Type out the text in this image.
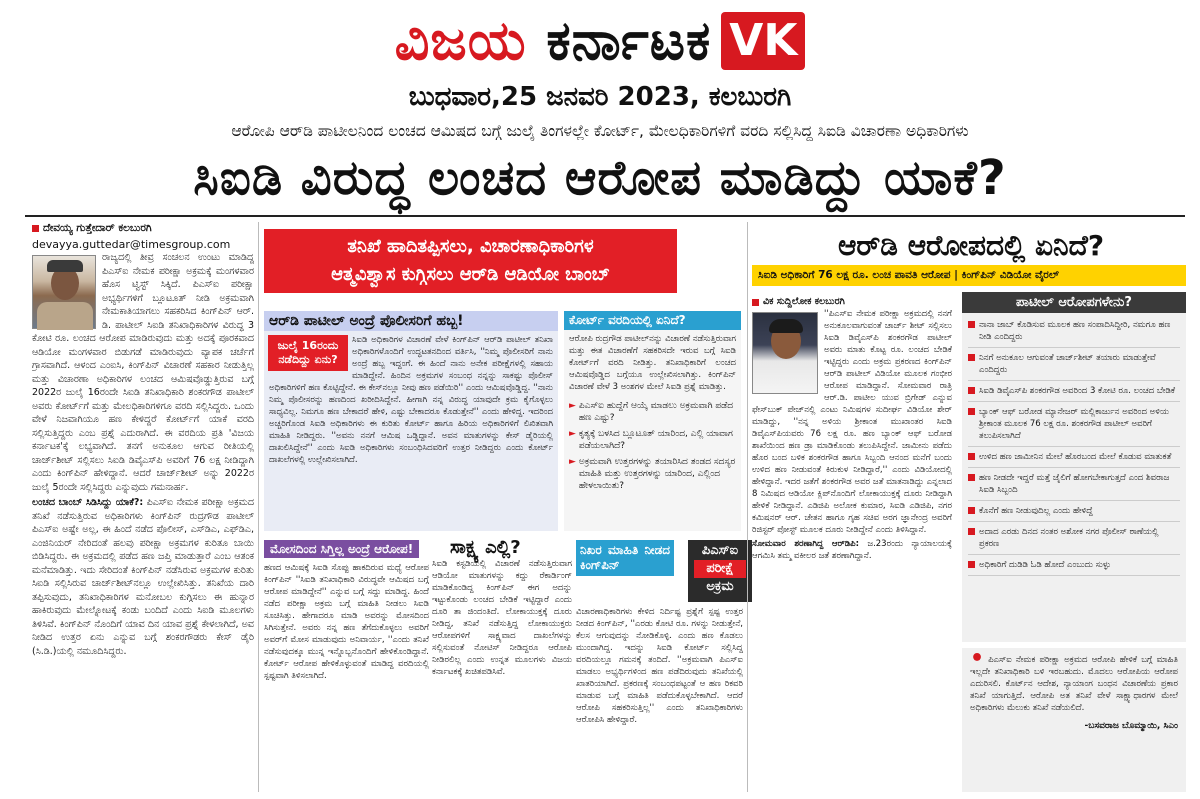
ವಿಜಯ ಕರ್ನಾಟಕ VK
ಬುಧವಾರ,25 ಜನವರಿ 2023, ಕಲಬುರಗಿ
ಆರೋಪಿ ಆರ್‌ಡಿ ಪಾಟೀಲನಿಂದ ಲಂಚದ ಆಮಿಷದ ಬಗ್ಗೆ ಜುಲೈ ತಿಂಗಳಲ್ಲೇ ಕೋರ್ಟ್, ಮೇಲಧಿಕಾರಿಗಳಿಗೆ ವರದಿ ಸಲ್ಲಿಸಿದ್ದ ಸಿಐಡಿ ವಿಚಾರಣಾ ಅಧಿಕಾರಿಗಳು
ಸಿಐಡಿ ವಿರುದ್ಧ ಲಂಚದ ಆರೋಪ ಮಾಡಿದ್ದು ಯಾಕೆ?
ದೇವಯ್ಯ ಗುತ್ತೇದಾರ್ ಕಲಬುರಗಿ
devayya.guttedar@timesgroup.com

ರಾಜ್ಯದಲ್ಲಿ ತೀವ್ರ ಸಂಚಲನ ಉಂಟು ಮಾಡಿದ್ದ ಪಿಎಸ್‌ಐ ನೇಮಕ ಪರೀಕ್ಷಾ ಅಕ್ರಮಕ್ಕೆ ಮಂಗಳವಾರ ಹೊಸ ಟ್ವಿಸ್ಟ್ ಸಿಕ್ಕಿದೆ. ಪಿಎಸ್‌ಐ ಪರೀಕ್ಷಾ ಅಭ್ಯರ್ಥಿಗಳಿಗೆ ಬ್ಲೂಟೂತ್ ನೀಡಿ ಅಕ್ರಮವಾಗಿ ನೇಮಕಾತಿಯಾಗಲು ಸಹಕರಿಸಿದ ಕಿಂಗ್‌ಪಿನ್ ಆರ್. ಡಿ. ಪಾಟೀಲ್ ಸಿಐಡಿ ತನಿಖಾಧಿಕಾರಿಗಳ ವಿರುದ್ಧ 3 ಕೋಟಿ ರೂ. ಲಂಚದ ಆರೋಪ ಮಾಡಿರುವುದು ಮತ್ತು ಅದಕ್ಕೆ ಪೂರಕವಾದ ಆಡಿಯೋ ಮಂಗಳವಾರ ಬಿಡುಗಡೆ ಮಾಡಿರುವುದು ವ್ಯಾಪಕ ಚರ್ಚೆಗೆ ಗ್ರಾಸವಾಗಿದೆ. ಆಳಂದ ಎಂಐಸಿ, ಕಿಂಗ್‌ಪಿನ್ ವಿಚಾರಣೆ ಸಹಕಾರ ನೀಡುತ್ತಿಲ್ಲ ಮತ್ತು ವಿಚಾರಣಾ ಅಧಿಕಾರಿಗಳ ಲಂಚದ ಆಮಿಷವೊಡ್ಡುತ್ತಿರುವ ಬಗ್ಗೆ 2022ರ ಜುಲೈ 16ರಂದೇ ಸಿಐಡಿ ತನಿಖಾಧಿಕಾರಿ ಶಂಕರಗೌಡ ಪಾಟೀಲ್ ಅವರು ಕೋರ್ಟ್‌ಗೆ ಮತ್ತು ಮೇಲಧಿಕಾರಿಗಳಿಗೂ ವರದಿ ಸಲ್ಲಿಸಿದ್ದರು. ಒಂದು ವೇಳೆ ನಿಜವಾಗಿಯೂ ಹಣ ಕೇಳಿದ್ದರೆ ಕೋರ್ಟ್‌ಗೆ ಯಾಕೆ ವರದಿ ಸಲ್ಲಿಸುತ್ತಿದ್ದರು ಎಂಬ ಪ್ರಶ್ನೆ ಎದುರಾಗಿದೆ. ಈ ವರದಿಯ ಪ್ರತಿ 'ವಿಜಯ ಕರ್ನಾಟಕ'ಕ್ಕೆ ಲಭ್ಯವಾಗಿದೆ. ತನಗೆ ಅನುಕೂಲ ಆಗುವ ರೀತಿಯಲ್ಲಿ ಚಾರ್ಜ್‌ಶೀಟ್ ಸಲ್ಲಿಸಲು ಸಿಐಡಿ ಡಿವೈಎಸ್‌ಪಿ ಅವರಿಗೆ 76 ಲಕ್ಷ ನೀಡಿದ್ದಾಗಿ ಎಂದು ಕಿಂಗ್‌ಪಿನ್ ಹೇಳಿದ್ದಾನೆ. ಆದರೆ ಚಾರ್ಜ್‌ಶೀಟ್ ಅನ್ನು 2022ರ ಜುಲೈ 5ರಂದೇ ಸಲ್ಲಿಸಿದ್ದರು ಎನ್ನುವುದು ಗಮನಾರ್ಹ.

ಲಂಚದ ಬಾಂಬ್ ಸಿಡಿಸಿದ್ದು ಯಾಕೆ?: ಪಿಎಸ್‌ಐ ನೇಮಕ ಪರೀಕ್ಷಾ ಅಕ್ರಮದ ತನಿಖೆ ನಡೆಸುತ್ತಿರುವ ಅಧಿಕಾರಿಗಳು ಕಿಂಗ್‌ಪಿನ್ ರುದ್ರಗೌಡ ಪಾಟೀಲ್ ಪಿಎಸ್‌ಐ ಅಷ್ಟೇ ಅಲ್ಲ, ಈ ಹಿಂದೆ ನಡೆದ ಪೊಲೀಸ್, ಎಸ್‌ಡಿಎ, ಎಫ್‌ಡಿಎ, ಎಂಜಿನಿಯರ್ ನೇರಿದಂತೆ ಹಲವು ಪರೀಕ್ಷಾ ಅಕ್ರಮಗಳ ಕುರಿತೂ ಬಾಯಿ ಬಿಡಿಸಿದ್ದರು. ಈ ಅಕ್ರಮದಲ್ಲಿ ಪಡೆದ ಹಣ ಜಪ್ತಿ ಮಾಡುತ್ತಾರೆ ಎಂಬ ಆತಂಕ ಮನೆಮಾಡಿತ್ತು. ಇದು ಸೇರಿದಂತೆ ಕಿಂಗ್‌ಪಿನ್ ನಡೆಸಿರುವ ಅಕ್ರಮಗಳ ಕುರಿತು ಸಿಐಡಿ ಸಲ್ಲಿಸಿರುವ ಚಾರ್ಜ್‌ಶೀಟ್‌ನಲ್ಲೂ ಉಲ್ಲೇಖಿಸಿತ್ತು. ತನಿಖೆಯ ದಾರಿ ತಪ್ಪಿಸುವುದು, ತನಿಖಾಧಿಕಾರಿಗಳ ಮನೋಬಲ ಕುಗ್ಗಿಸಲು ಈ ಹುನ್ನಾರ ಹಾಕಿರುವುದು ಮೇಲ್ನೋಟಕ್ಕೆ ಕಂಡು ಬಂದಿದೆ ಎಂದು ಸಿಐಡಿ ಮೂಲಗಳು ತಿಳಿಸಿವೆ. ಕಿಂಗ್‌ಪಿನ್ ನೊಂದಿಗೆ ಯಾವ ದಿನ ಯಾವ ಪ್ರಶ್ನೆ ಕೇಳಲಾಗಿದೆ, ಅವ ನೀಡಿದ ಉತ್ತರ ಏನು ಎನ್ನುವ ಬಗ್ಗೆ ಶಂಕರಗೌಡರು ಕೇಸ್ ಡೈರಿ (ಸಿ.ಡಿ.)ಯಲ್ಲಿ ನಮೂದಿಸಿದ್ದರು.

ತನಿಖೆ ಹಾದಿತಪ್ಪಿಸಲು, ವಿಚಾರಣಾಧಿಕಾರಿಗಳ
ಆತ್ಮವಿಶ್ವಾಸ ಕುಗ್ಗಿಸಲು ಆರ್‌ಡಿ ಆಡಿಯೋ ಬಾಂಬ್
ಆರ್‌ಡಿ ಪಾಟೀಲ್ ಅಂದ್ರೆ ಪೊಲೀಸರಿಗೆ ಹಬ್ಬ!
ಜುಲೈ 16ರಂದು ನಡೆದಿದ್ದು ಏನು?
ಸಿಐಡಿ ಅಧಿಕಾರಿಗಳ ವಿಚಾರಣೆ ವೇಳೆ ಕಿಂಗ್‌ಪಿನ್ ಆರ್‌ಡಿ ಪಾಟೀಲ್ ತನಿಖಾ ಅಧಿಕಾರಿಗಳೊಂದಿಗೆ ಉದ್ಧಟತನದಿಂದ ವರ್ತಿಸಿ, ''ನಿಮ್ಮ ಪೊಲೀಸರಿಗೆ ನಾನು ಅಂದ್ರೆ ಹಬ್ಬ ಇದ್ದಂಗೆ. ಈ ಹಿಂದೆ ನಾನು ಅನೇಕ ಪರೀಕ್ಷೆಗಳಲ್ಲಿ ಸಹಾಯ ಮಾಡಿದ್ದೇನೆ. ಹಿಂದಿನ ಅಕ್ರಮಗಳ ಸಂಬಂಧ ನನ್ನನ್ನು ಸಾಕಷ್ಟು ಪೊಲೀಸ್ ಅಧಿಕಾರಿಗಳಿಗೆ ಹಣ ಕೊಟ್ಟಿದ್ದೇನೆ. ಈ ಕೇಸ್‌ನಲ್ಲೂ ನೀವು ಹಣ ಪಡೆಯಿರಿ'' ಎಂದು ಆಮಿಷವೊಡ್ಡಿದ್ದ. ''ನಾನು ನಿಮ್ಮ ಪೊಲೀಸರನ್ನು ಹಣದಿಂದ ಖರೀದಿಸಿದ್ದೇನೆ. ಹೀಗಾಗಿ ನನ್ನ ವಿರುದ್ಧ ಯಾವುದೇ ಕ್ರಮ ಕೈಗೊಳ್ಳಲು ಸಾಧ್ಯವಿಲ್ಲ. ನಿಮಗೂ ಹಣ ಬೇಕಾದರೆ ಹೇಳಿ, ಎಷ್ಟು ಬೇಕಾದರೂ ಕೊಡುತ್ತೇನೆ'' ಎಂದು ಹೇಳಿದ್ದ. ಇದರಿಂದ ಅಚ್ಚರಿಗೊಂಡ ಸಿಐಡಿ ಅಧಿಕಾರಿಗಳು ಈ ಕುರಿತು ಕೋರ್ಟ್ ಹಾಗೂ ಹಿರಿಯ ಅಧಿಕಾರಿಗಳಿಗೆ ಲಿಖಿತವಾಗಿ ಮಾಹಿತಿ ನೀಡಿದ್ದರು. ''ಅವನು ನನಗೆ ಆಮಿಷ ಒಡ್ಡಿದ್ದಾನೆ. ಅವನ ಮಾತುಗಳನ್ನು ಕೇಸ್ ಡೈರಿಯಲ್ಲಿ ದಾಖಲಿಸಿದ್ದೇನೆ'' ಎಂದು ಸಿಐಡಿ ಅಧಿಕಾರಿಗಳು ಸಂಬಂಧಿಸಿದವರಿಗೆ ಉತ್ತರ ನೀಡಿದ್ದರು ಎಂದು ಕೋರ್ಟ್ ದಾಖಲೆಗಳಲ್ಲಿ ಉಲ್ಲೇಖಿಸಲಾಗಿದೆ.
ಕೋರ್ಟ್ ವರದಿಯಲ್ಲಿ ಏನಿದೆ?
ಆರೋಪಿ ರುದ್ರಗೌಡ ಪಾಟೀಲ್‌ನನ್ನು ವಿಚಾರಣೆ ನಡೆಸುತ್ತಿರುವಾಗ ಮತ್ತು ಈತ ವಿಚಾರಣೆಗೆ ಸಹಕರಿಸದೇ ಇರುವ ಬಗ್ಗೆ ಸಿಐಡಿ ಕೋರ್ಟ್‌ಗೆ ವರದಿ ನೀಡಿತ್ತು. ತನಿಖಾಧಿಕಾರಿಗೆ ಲಂಚದ ಆಮಿಷವೊಡ್ಡಿದ ಬಗ್ಗೆಯೂ ಉಲ್ಲೇಖಿಸಲಾಗಿತ್ತು. ಕಿಂಗ್‌ಪಿನ್ ವಿಚಾರಣೆ ವೇಳೆ 3 ಅಂಶಗಳ ಮೇಲೆ ಸಿಐಡಿ ಪ್ರಶ್ನೆ ಮಾಡಿತ್ತು.
► ಪಿಎಸ್‌ಐ ಹುದ್ದೆಗೆ ಆಯ್ಕೆ ಮಾಡಲು ಅಕ್ರಮವಾಗಿ ಪಡೆದ ಹಣ ಎಷ್ಟು?
► ಕೃತ್ಯಕ್ಕೆ ಬಳಸಿದ ಬ್ಲೂಟೂತ್ ಯಾರಿಂದ, ಎಲ್ಲಿ ಯಾವಾಗ ಪಡೆಯಲಾಗಿದೆ?
► ಅಕ್ರಮವಾಗಿ ಉತ್ತರಗಳನ್ನು ತಯಾರಿಸಿದ ತಂಡದ ಸದಸ್ಯರ ಮಾಹಿತಿ ಮತ್ತು ಉತ್ತರಗಳನ್ನು ಯಾರಿಂದ, ಎಲ್ಲಿಂದ ಹೇಳಲಾಯಿತು?
ಮೋಸದಿಂದ ಸಿಗ್ತಿಲ್ಲ ಅಂದ್ರೆ ಆರೋಪ!

ಹಣದ ಆಮಿಷಕ್ಕೆ ಸಿಐಡಿ ಸೊಪ್ಪು ಹಾಕದಿರುವ ಮಧ್ಯೆ ಆರೋಪ ಕಿಂಗ್‌ಪಿನ್ ''ಸಿಐಡಿ ತನಿಖಾಧಿಕಾರಿ ವಿರುದ್ಧವೇ ಆಮಿಷದ ಬಗ್ಗೆ ಆರೋಪ ಮಾಡಿದ್ದೇನೆ'' ಎನ್ನುವ ಬಗ್ಗೆ ಸದ್ದು ಮಾಡಿದ್ದ. ಹಿಂದೆ ನಡೆದ ಪರೀಕ್ಷಾ ಅಕ್ರಮ ಬಗ್ಗೆ ಮಾಹಿತಿ ನೀಡಲು ಸಿಐಡಿ ಸೂಚಿಸಿತ್ತು. ಹೇಗಾದರೂ ಮಾಡಿ ಅವರನ್ನು ಮೋಸದಿಂದ ಸಿಗಿಸುತ್ತೇನೆ. ಅವರು ನನ್ನ ಹಣ ತೆಗೆದುಕೊಳ್ಳಲು ಅವರಿಗೆ ಅವರ್‌ಗೆ ಮೋಸ ಮಾಡುವುದು ಅನಿವಾರ್ಯ, ''ಎಂದು ತನಿಖೆ ನಡೆಸುವುದಕ್ಕೂ ಮುನ್ನ ಇನ್ನೊಬ್ಬನೊಂದಿಗೆ ಹೇಳಿಕೊಂಡಿದ್ದಾನೆ. ಕೋರ್ಟ್ ಆರೋಪ ಹೇಳಿಕೊಳ್ಳುವಂತೆ ಮಾಡಿದ್ದ ವರದಿಯಲ್ಲಿ ಸ್ಪಷ್ಟವಾಗಿ ತಿಳಿಸಲಾಗಿದೆ.

ಸಾಕ್ಷ್ಯ ಎಲ್ಲಿ?

ಸಿಐಡಿ ಕಸ್ಟಡಿಯಲ್ಲಿ ವಿಚಾರಣೆ ನಡೆಸುತ್ತಿರುವಾಗ ಆಡಿಯೋ ಮಾತುಗಳನ್ನು ಕದ್ದು ರೆಕಾರ್ಡಿಂಗ್ ಮಾಡಿಕೊಂಡಿದ್ದ ಕಿಂಗ್‌ಪಿನ್ ಈಗ ಅದನ್ನು ಇಟ್ಟುಕೊಂಡು ಲಂಚದ ಬೇಡಿಕೆ ಇಟ್ಟಿದ್ದಾರೆ ಎಂದು ದೂರಿ ತಾ ಜಿಂದಂತಿದೆ. ಲೋಕಾಯುಕ್ತಕ್ಕೆ ದೂರು ನೀಡಿದ್ದ, ತನಿಖೆ ನಡೆಸುತ್ತಿದ್ದ ಲೋಕಾಯುಕ್ತರು ಆರೋಪಗಳಿಗೆ ಸಾಕ್ಷ್ಯವಾದ ದಾಖಲೆಗಳನ್ನು ಸಲ್ಲಿಸುವಂತೆ ನೋಟಿಸ್ ನೀಡಿದ್ದರೂ ಆರೋಪಿ ನೀಡಿರಲಿಲ್ಲ ಎಂದು ಉನ್ನತ ಮೂಲಗಳು ವಿಜಯ ಕರ್ನಾಟಕಕ್ಕೆ ಖಚಿತಪಡಿಸಿವೆ.

ನಿಖರ ಮಾಹಿತಿ ನೀಡದ ಕಿಂಗ್‌ಪಿನ್
ಪಿಎಸ್‌ಐ
ಪರೀಕ್ಷೆ
ಅಕ್ರಮ

ವಿಚಾರಣಾಧಿಕಾರಿಗಳು ಕೇಳಿದ ನಿರ್ದಿಷ್ಟ ಪ್ರಶ್ನೆಗೆ ಸ್ಪಷ್ಟ ಉತ್ತರ ನೀಡದ ಕಿಂಗ್‌ಪಿನ್, ''ಎರಡು ಕೋಟಿ ರೂ. ಗಳನ್ನು ನೀಡುತ್ತೇನೆ, ಕೆಲಸ ಆಗುವುದನ್ನು ನೋಡಿಕೊಳ್ಳಿ. ಎಂದು ಹಣ ಕೊಡಲು ಮುಂದಾಗಿದ್ದ. ಇದನ್ನು ಸಿಐಡಿ ಕೋರ್ಟ್ ಸಲ್ಲಿಸಿದ್ದ ವರದಿಯಲ್ಲೂ ಗಮನಕ್ಕೆ ತಂದಿದೆ. ''ಅಕ್ರಮವಾಗಿ ಪಿಎಸ್‌ಐ ಮಾಡಲು ಅಭ್ಯರ್ಥಿಗಳಿಂದ ಹಣ ಪಡೆದಿರುವುದು ತನಿಖೆಯಲ್ಲಿ ಖಾತರಿಯಾಗಿದೆ. ಪ್ರಕರಣಕ್ಕೆ ಸಂಬಂಧಪಟ್ಟಂತೆ ಆ ಹಣ ರಿಕವರಿ ಮಾಡುವ ಬಗ್ಗೆ ಮಾಹಿತಿ ಪಡೆದುಕೊಳ್ಳಬೇಕಾಗಿದೆ. ಆದರೆ ಆರೋಪಿ ಸಹಕರಿಸುತ್ತಿಲ್ಲ'' ಎಂದು ತನಿಖಾಧಿಕಾರಿಗಳು ಆರೋಪಿಸಿ ಹೇಳಿದ್ದಾರೆ.

ಆರ್‌ಡಿ ಆರೋಪದಲ್ಲಿ ಏನಿದೆ?
ಸಿಐಡಿ ಅಧಿಕಾರಿಗೆ 76 ಲಕ್ಷ ರೂ. ಲಂಚ ಪಾವತಿ ಆರೋಪ | ಕಿಂಗ್‌ಪಿನ್ ವಿಡಿಯೋ ವೈರಲ್
ವಿಕ ಸುದ್ದಿಲೋಕ ಕಲಬುರಗಿ

''ಪಿಎಸ್‌ಐ ನೇಮಕ ಪರೀಕ್ಷಾ ಅಕ್ರಮದಲ್ಲಿ ನನಗೆ ಅನುಕೂಲವಾಗುವಂತೆ ಚಾರ್ಜ್ ಶೀಟ್ ಸಲ್ಲಿಸಲು ಸಿಐಡಿ ಡಿವೈಎಸ್‌ಪಿ ಶಂಕರಗೌಡ ಪಾಟೀಲ್ ಅವರು ಮಾತು ಕೊಟ್ಟ ರೂ. ಲಂಚದ ಬೇಡಿಕೆ ಇಟ್ಟಿದ್ದರು ಎಂದು ಅಕ್ರಮ ಪ್ರಕರಣದ ಕಿಂಗ್‌ಪಿನ್ ಆರ್‌ಡಿ ಪಾಟೀಲ್ ವಿಡಿಯೋ ಮೂಲಕ ಗಂಭೀರ ಆರೋಪ ಮಾಡಿದ್ದಾನೆ. ಸೋಮವಾರ ರಾತ್ರಿ ಆರ್.ಡಿ. ಪಾಟೀಲ ಯುವ ಬ್ರಿಗೇಡ್ ಎನ್ನುವ ಫೇಸ್‌ಬುಕ್ ಪೇಜ್‌ನಲ್ಲಿ ಎಂಟು ನಿಮಿಷಗಳ ಸುದೀರ್ಘ ವಿಡಿಯೋ ಶೇರ್ ಮಾಡಿದ್ದು, ''ನನ್ನ ಅಳಿಯ ಶ್ರೀಕಾಂತ ಮುಖಾಂತರ ಸಿಐಡಿ ಡಿವೈಎಸ್‌ಪಿಯವರು 76 ಲಕ್ಷ ರೂ. ಹಣ ಬ್ಯಾಂಕ್ ಆಫ್ ಬರೋಡ ಶಾಖೆಯಿಂದ ಹಣ ಡ್ರಾ ಮಾಡಿಕೊಂಡು ತಲುಪಿಸಿದ್ದೇನೆ. ಜಾಮೀನು ಪಡೆದು ಹೊರ ಬಂದ ಬಳಿಕ ಶಂಕರಗೌಡ ಹಾಗೂ ಸಿಬ್ಬಂದಿ ಆನಂದ ಮನೆಗೆ ಬಂದು ಉಳಿದ ಹಣ ನೀಡುವಂತೆ ಕಿರುಕುಳ ನೀಡಿದ್ದಾರೆ,'' ಎಂದು ವಿಡಿಯೋದಲ್ಲಿ ಹೇಳಿದ್ದಾನೆ. ಇದರ ಜತೆಗೆ ಶಂಕರಗೌಡ ಅವರ ಜತೆ ಮಾತನಾಡಿದ್ದು ಎನ್ನಲಾದ 8 ನಿಮಿಷದ ಆಡಿಯೋ ಕ್ಲಿಪ್‌ನೊಂದಿಗೆ ಲೋಕಾಯುಕ್ತಕ್ಕೆ ದೂರು ನೀಡಿದ್ದಾಗಿ ಹೇಳಿಕೆ ನೀಡಿದ್ದಾನೆ. ಎಡಿಜಿಪಿ ಅಲೋಕ ಕುಮಾರ, ಸಿಐಡಿ ಎಡಿಜಿಪಿ, ನಗರ ಕಮಿಷನರ್ ಆರ್. ಚೇತನ ಹಾಗೂ ಗೃಹ ಸಚಿವ ಅರಗ ಜ್ಞಾನೇಂದ್ರ ಅವರಿಗೆ ರಿಜಿಸ್ಟರ್ ಪೋಸ್ಟ್ ಮೂಲಕ ದೂರು ನೀಡಿದ್ದೇನೆ ಎಂದು ತಿಳಿಸಿದ್ದಾನೆ.

ಸೋಮವಾರ ಶರಣಾಗಿದ್ದ ಆರ್‌ಡಿಪಿ: ಜ.23ರಂದು ನ್ಯಾಯಾಲಯಕ್ಕೆ ಆಗಮಿಸಿ ತಮ್ಮ ವಕೀಲರ ಜತೆ ಶರಣಾಗಿದ್ದಾನೆ.

ಪಾಟೀಲ್ ಆರೋಪಗಳೇನು?
ನಾನಾ ಜಾಬ್ ಕೊಡಿಸುವ ಮೂಲಕ ಹಣ ಸಂಪಾದಿಸಿದ್ದೀರಿ, ನಮಗೂ ಹಣ ನೀಡಿ ಎಂದಿದ್ದರು
ನಿನಗೆ ಅನುಕೂಲ ಆಗುವಂತೆ ಚಾರ್ಜ್‌ಶೀಟ್ ತಯಾರು ಮಾಡುತ್ತೇವೆ ಎಂದಿದ್ದರು
ಸಿಐಡಿ ಡಿವೈಎಸ್‌ಪಿ ಶಂಕರಗೌಡ ಅವರಿಂದ 3 ಕೋಟಿ ರೂ. ಲಂಚದ ಬೇಡಿಕೆ
ಬ್ಯಾಂಕ್ ಆಫ್ ಬರೋಡ ಮ್ಯಾನೇಜರ್ ಮಲ್ಲಿಕಾರ್ಜುನ ಅವರಿಂದ ಅಳಿಯ ಶ್ರೀಕಾಂತ ಮೂಲಕ 76 ಲಕ್ಷ ರೂ. ಶಂಕರಗೌಡ ಪಾಟೀಲ್ ಅವರಿಗೆ ತಲುಪಿಸಲಾಗಿದೆ
ಉಳಿದ ಹಣ ಜಾಮೀನಿನ ಮೇಲೆ ಹೊರಬಂದ ಮೇಲೆ ಕೊಡುವ ಮಾತುಕತೆ
ಹಣ ನೀಡದೇ ಇದ್ದರೆ ಮತ್ತೆ ಜೈಲಿಗೆ ಹೋಗಬೇಕಾಗುತ್ತದೆ ಎಂದ ಶಿವರಾಜ ಸಿಐಡಿ ಸಿಬ್ಬಂದಿ
ಕೊನೆಗೆ ಹಣ ನೀಡುವುದಿಲ್ಲ ಎಂದು ಹೇಳಿದ್ದೆ
ಅದಾದ ಎರಡು ದಿನದ ನಂತರ ಅಶೋಕ ನಗರ ಪೊಲೀಸ್ ಠಾಣೆಯಲ್ಲಿ ಪ್ರಕರಣ
ಅಧಿಕಾರಿಗೆ ದುಡಿಡಿ ಓಡಿ ಹೋದೆ ಎಂಬುದು ಸುಳ್ಳು
• ಪಿಎಸ್‌ಐ ನೇಮಕ ಪರೀಕ್ಷಾ ಅಕ್ರಮದ ಆರೋಪಿ ಹೇಳಿಕೆ ಬಗ್ಗೆ ಮಾಹಿತಿ ಇಲ್ಲದೇ ತನಿಖಾಧಿಕಾರಿ ಬಳಿ ಇರಬಹುದು. ಮೊದಲು ಆರೋಪಿಯ ಆರೋಪ ಎದುರಿಸಲಿ. ಕೊರ್ಟ್‌ನ ಆದೇಶ, ನ್ಯಾಯಾಂಗ ಬಂಧನ ವಿಚಾರಣೆಯ ಪ್ರಕಾರ ತನಿಖೆ ಯಾಗುತ್ತಿದೆ. ಆರೋಪಿ ಅತ ತನಿಖೆ ವೇಳೆ ಸಾಕ್ಷ್ಯಾಧಾರಗಳ ಮೇಲೆ ಅಧಿಕಾರಿಗಳು ಮೆಲುಕು ತನಿಖೆ ನಡೆಯಲಿದೆ.
-ಬಸವರಾಜ ಬೊಮ್ಮಾಯಿ, ಸಿಎಂ
